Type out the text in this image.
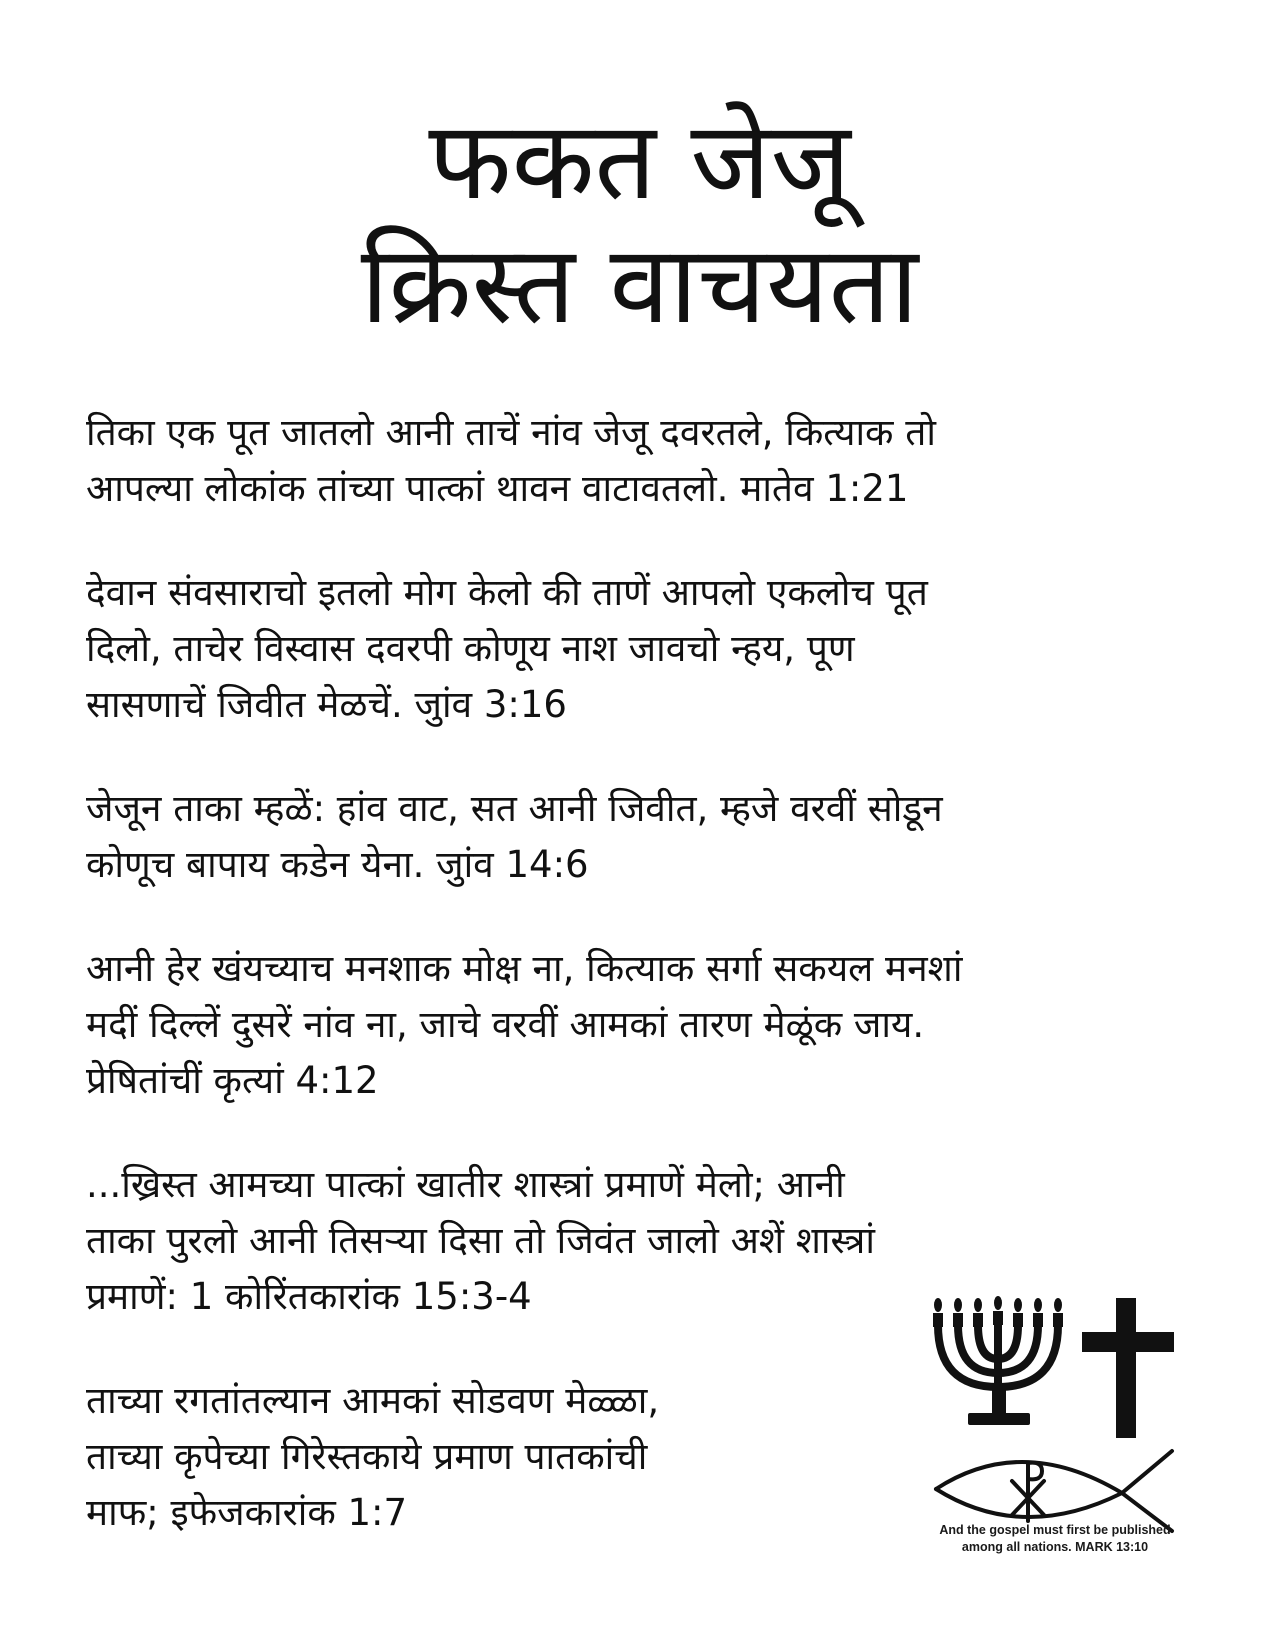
फकत जेजू
क्रिस्त वाचयता

तिका एक पूत जातलो आनी ताचें नांव जेजू दवरतले, कित्याक तो
आपल्या लोकांक तांच्या पात्कां थावन वाटावतलो. मातेव 1:21

देवान संवसाराचो इतलो मोग केलो की ताणें आपलो एकलोच पूत
दिलो, ताचेर विस्वास दवरपी कोणूय नाश जावचो न्हय, पूण
सासणाचें जिवीत मेळचें. जुांव 3:16

जेजून ताका म्हळें: हांव वाट, सत आनी जिवीत, म्हजे वरवीं सोडून
कोणूच बापाय कडेन येना. जुांव 14:6

आनी हेर खंयच्याच मनशाक मोक्ष ना, कित्याक सर्गा सकयल मनशां
मदीं दिल्लें दुसरें नांव ना, जाचे वरवीं आमकां तारण मेळूंक जाय.
प्रेषितांचीं कृत्यां 4:12

...ख्रिस्त आमच्या पात्कां खातीर शास्त्रां प्रमाणें मेलो; आनी
ताका पुरलो आनी तिसऱ्या दिसा तो जिवंत जालो अशें शास्त्रां
प्रमाणें: 1 कोरिंतकारांक 15:3-4

ताच्या रगतांतल्यान आमकां सोडवण मेळ्ळा,
ताच्या कृपेच्या गिरेस्तकाये प्रमाण पातकांची
माफ; इफेजकारांक 1:7	And the gospel must first be published
among all nations. MARK 13:10
